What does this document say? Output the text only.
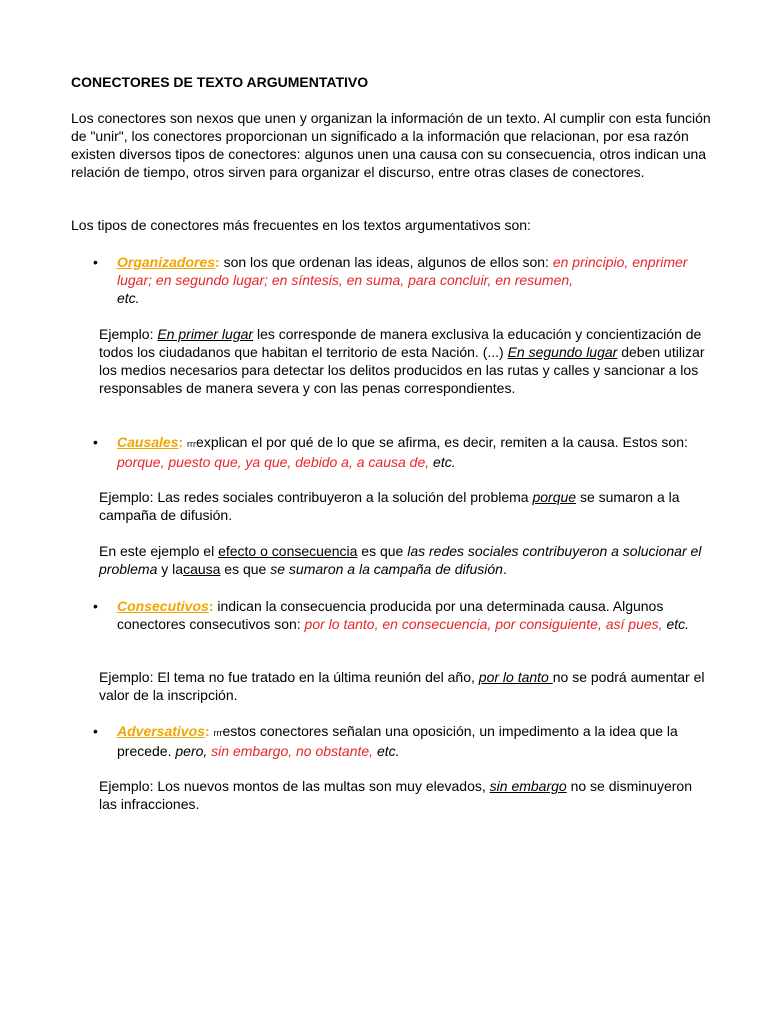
CONECTORES DE TEXTO ARGUMENTATIVO
Los conectores son nexos que unen y organizan la información de un texto. Al cumplir con esta función de "unir", los conectores proporcionan un significado a la información que relacionan, por esa razón existen diversos tipos de conectores: algunos unen una causa con su consecuencia, otros indican una relación de tiempo, otros sirven para organizar el discurso, entre otras clases de conectores.
Los tipos de conectores más frecuentes en los textos argumentativos son:
• Organizadores: son los que ordenan las ideas, algunos de ellos son: en principio, enprimer lugar; en segundo lugar; en síntesis, en suma, para concluir, en resumen,
etc.
Ejemplo: En primer lugar les corresponde de manera exclusiva la educación y concientización de todos los ciudadanos que habitan el territorio de esta Nación. (...) En segundo lugar deben utilizar los medios necesarios para detectar los delitos producidos en las rutas y calles y sancionar a los responsables de manera severa y con las penas correspondientes.
• Causales: rrrexplican el por qué de lo que se afirma, es decir, remiten a la causa. Estos son: porque, puesto que, ya que, debido a, a causa de, etc.
Ejemplo: Las redes sociales contribuyeron a la solución del problema porque se sumaron a la campaña de difusión.
En este ejemplo el efecto o consecuencia es que las redes sociales contribuyeron a solucionar el problema y lacausa es que se sumaron a la campaña de difusión.
• Consecutivos: indican la consecuencia producida por una determinada causa. Algunos conectores consecutivos son: por lo tanto, en consecuencia, por consiguiente, así pues, etc.
Ejemplo: El tema no fue tratado en la última reunión del año, por lo tanto no se podrá aumentar el valor de la inscripción.
• Adversativos: rrrestos conectores señalan una oposición, un impedimento a la idea que la precede. pero, sin embargo, no obstante, etc.
Ejemplo: Los nuevos montos de las multas son muy elevados, sin embargo no se disminuyeron las infracciones.
